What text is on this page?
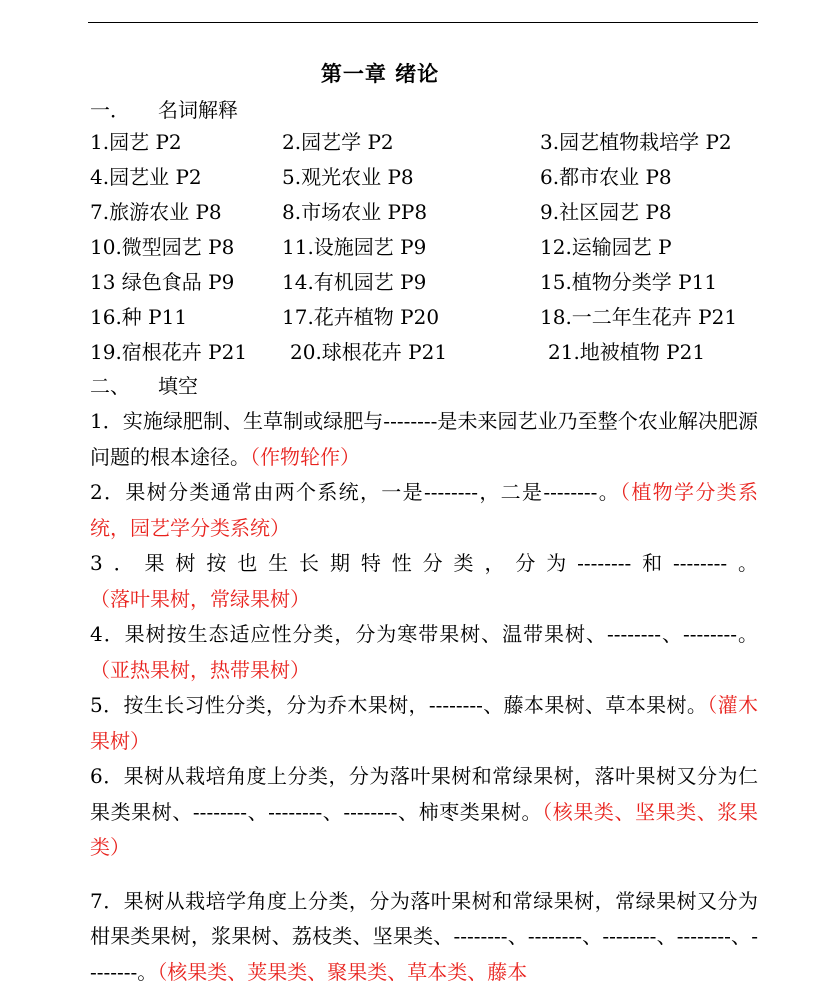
第一章 绪论
一． 名词解释
1.园艺 P2	2.园艺学 P2	3.园艺植物栽培学 P2
4.园艺业 P2	5.观光农业 P8	6.都市农业 P8
7.旅游农业 P8	8.市场农业 PP8	9.社区园艺 P8
10.微型园艺 P8	11.设施园艺 P9	12.运输园艺 P
13 绿色食品 P9	14.有机园艺 P9	15.植物分类学 P11
16.种 P11	17.花卉植物 P20	18.一二年生花卉 P21
19.宿根花卉 P21	20.球根花卉 P21	21.地被植物 P21
二、 填空

1．实施绿肥制、生草制或绿肥与--------是未来园艺业乃至整个农业解决肥源问题的根本途径。（作物轮作）

2．果树分类通常由两个系统，一是--------，二是--------。（植物学分类系统，园艺学分类系统）

3．果树按也生长期特性分类，分为--------和--------。（落叶果树，常绿果树）

4．果树按生态适应性分类，分为寒带果树、温带果树、--------、--------。（亚热果树，热带果树）

5．按生长习性分类，分为乔木果树，--------、藤本果树、草本果树。（灌木果树）

6．果树从栽培角度上分类，分为落叶果树和常绿果树，落叶果树又分为仁果类果树、--------、--------、--------、柿枣类果树。（核果类、坚果类、浆果类）

7．果树从栽培学角度上分类，分为落叶果树和常绿果树，常绿果树又分为柑果类果树，浆果树、荔枝类、坚果类、--------、--------、--------、--------、--------。（核果类、荚果类、聚果类、草本类、藤本
